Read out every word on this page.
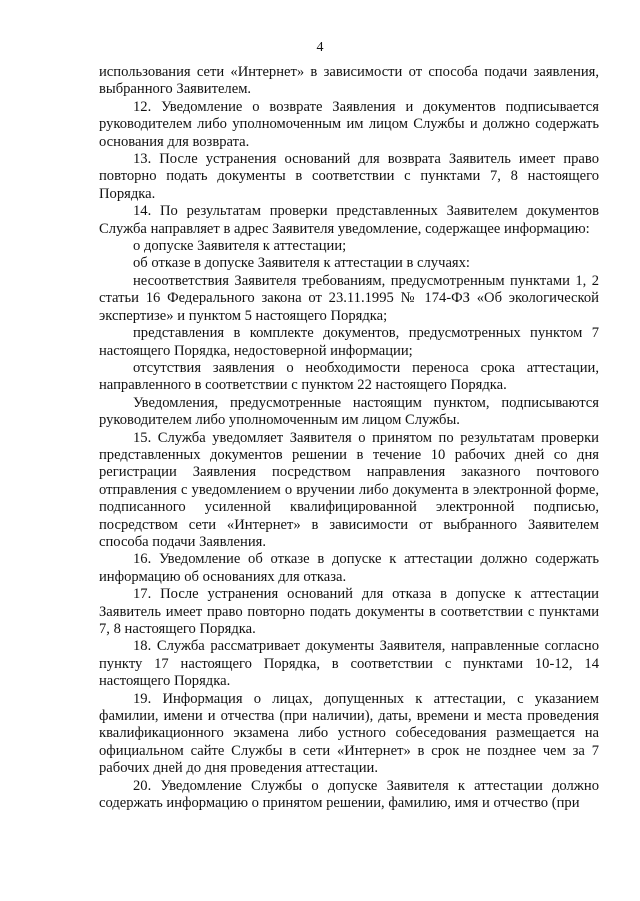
4

использования сети «Интернет» в зависимости от способа подачи заявления, выбранного Заявителем.

12. Уведомление о возврате Заявления и документов подписывается руководителем либо уполномоченным им лицом Службы и должно содержать основания для возврата.

13. После устранения оснований для возврата Заявитель имеет право повторно подать документы в соответствии с пунктами 7, 8 настоящего Порядка.

14. По результатам проверки представленных Заявителем документов Служба направляет в адрес Заявителя уведомление, содержащее информацию:

о допуске Заявителя к аттестации;

об отказе в допуске Заявителя к аттестации в случаях:

несоответствия Заявителя требованиям, предусмотренным пунктами 1, 2 статьи 16 Федерального закона от 23.11.1995 № 174-ФЗ «Об экологической экспертизе» и пунктом 5 настоящего Порядка;

представления в комплекте документов, предусмотренных пунктом 7 настоящего Порядка, недостоверной информации;

отсутствия заявления о необходимости переноса срока аттестации, направленного в соответствии с пунктом 22 настоящего Порядка.

Уведомления, предусмотренные настоящим пунктом, подписываются руководителем либо уполномоченным им лицом Службы.

15. Служба уведомляет Заявителя о принятом по результатам проверки представленных документов решении в течение 10 рабочих дней со дня регистрации Заявления посредством направления заказного почтового отправления с уведомлением о вручении либо документа в электронной форме, подписанного усиленной квалифицированной электронной подписью, посредством сети «Интернет» в зависимости от выбранного Заявителем способа подачи Заявления.

16. Уведомление об отказе в допуске к аттестации должно содержать информацию об основаниях для отказа.

17. После устранения оснований для отказа в допуске к аттестации Заявитель имеет право повторно подать документы в соответствии с пунктами 7, 8 настоящего Порядка.

18. Служба рассматривает документы Заявителя, направленные согласно пункту 17 настоящего Порядка, в соответствии с пунктами 10-12, 14 настоящего Порядка.

19. Информация о лицах, допущенных к аттестации, с указанием фамилии, имени и отчества (при наличии), даты, времени и места проведения квалификационного экзамена либо устного собеседования размещается на официальном сайте Службы в сети «Интернет» в срок не позднее чем за 7 рабочих дней до дня проведения аттестации.

20. Уведомление Службы о допуске Заявителя к аттестации должно содержать информацию о принятом решении, фамилию, имя и отчество (при
